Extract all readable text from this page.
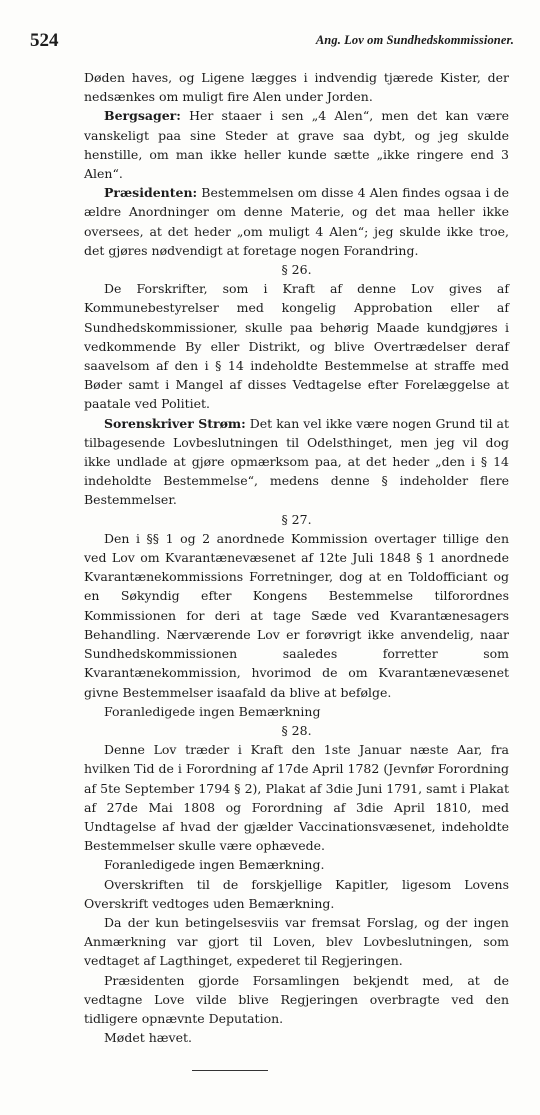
524	Ang. Lov om Sundhedskommissioner.

Døden haves, og Ligene lægges i indvendig tjærede Kister, der nedsænkes om muligt fire Alen under Jorden.

Bergsager: Her staaer i sen „4 Alen“, men det kan være vanskeligt paa sine Steder at grave saa dybt, og jeg skulde henstille, om man ikke heller kunde sætte „ikke ringere end 3 Alen“.

Præsidenten: Bestemmelsen om disse 4 Alen findes ogsaa i de ældre Anordninger om denne Materie, og det maa heller ikke oversees, at det heder „om muligt 4 Alen“; jeg skulde ikke troe, det gjøres nødvendigt at foretage nogen Forandring.

§ 26.

De Forskrifter, som i Kraft af denne Lov gives af Kommunebestyrelser med kongelig Approbation eller af Sundhedskommissioner, skulle paa behørig Maade kundgjøres i vedkommende By eller Distrikt, og blive Overtrædelser deraf saavelsom af den i § 14 indeholdte Bestemmelse at straffe med Bøder samt i Mangel af disses Vedtagelse efter Forelæggelse at paatale ved Politiet.

Sorenskriver Strøm: Det kan vel ikke være nogen Grund til at tilbagesende Lovbeslutningen til Odelsthinget, men jeg vil dog ikke undlade at gjøre opmærksom paa, at det heder „den i § 14 indeholdte Bestemmelse“, medens denne § indeholder flere Bestemmelser.

§ 27.

Den i §§ 1 og 2 anordnede Kommission overtager tillige den ved Lov om Kvarantænevæsenet af 12te Juli 1848 § 1 anordnede Kvarantænekommissions Forretninger, dog at en Toldofficiant og en Søkyndig efter Kongens Bestemmelse tilforordnes Kommissionen for deri at tage Sæde ved Kvarantænesagers Behandling. Nærværende Lov er forøvrigt ikke anvendelig, naar Sundhedskommissionen saaledes forretter som Kvarantænekommission, hvorimod de om Kvarantænevæsenet givne Bestemmelser isaafald da blive at befølge.

Foranledigede ingen Bemærkning

§ 28.

Denne Lov træder i Kraft den 1ste Januar næste Aar, fra hvilken Tid de i Forordning af 17de April 1782 (Jevnfør Forordning af 5te September 1794 § 2), Plakat af 3die Juni 1791, samt i Plakat af 27de Mai 1808 og Forordning af 3die April 1810, med Undtagelse af hvad der gjælder Vaccinationsvæsenet, indeholdte Bestemmelser skulle være ophævede.

Foranledigede ingen Bemærkning.

Overskriften til de forskjellige Kapitler, ligesom Lovens Overskrift vedtoges uden Bemærkning.

Da der kun betingelsesviis var fremsat Forslag, og der ingen Anmærkning var gjort til Loven, blev Lovbeslutningen, som vedtaget af Lagthinget, expederet til Regjeringen.

Præsidenten gjorde Forsamlingen bekjendt med, at de vedtagne Love vilde blive Regjeringen overbragte ved den tidligere opnævnte Deputation.

Mødet hævet.
